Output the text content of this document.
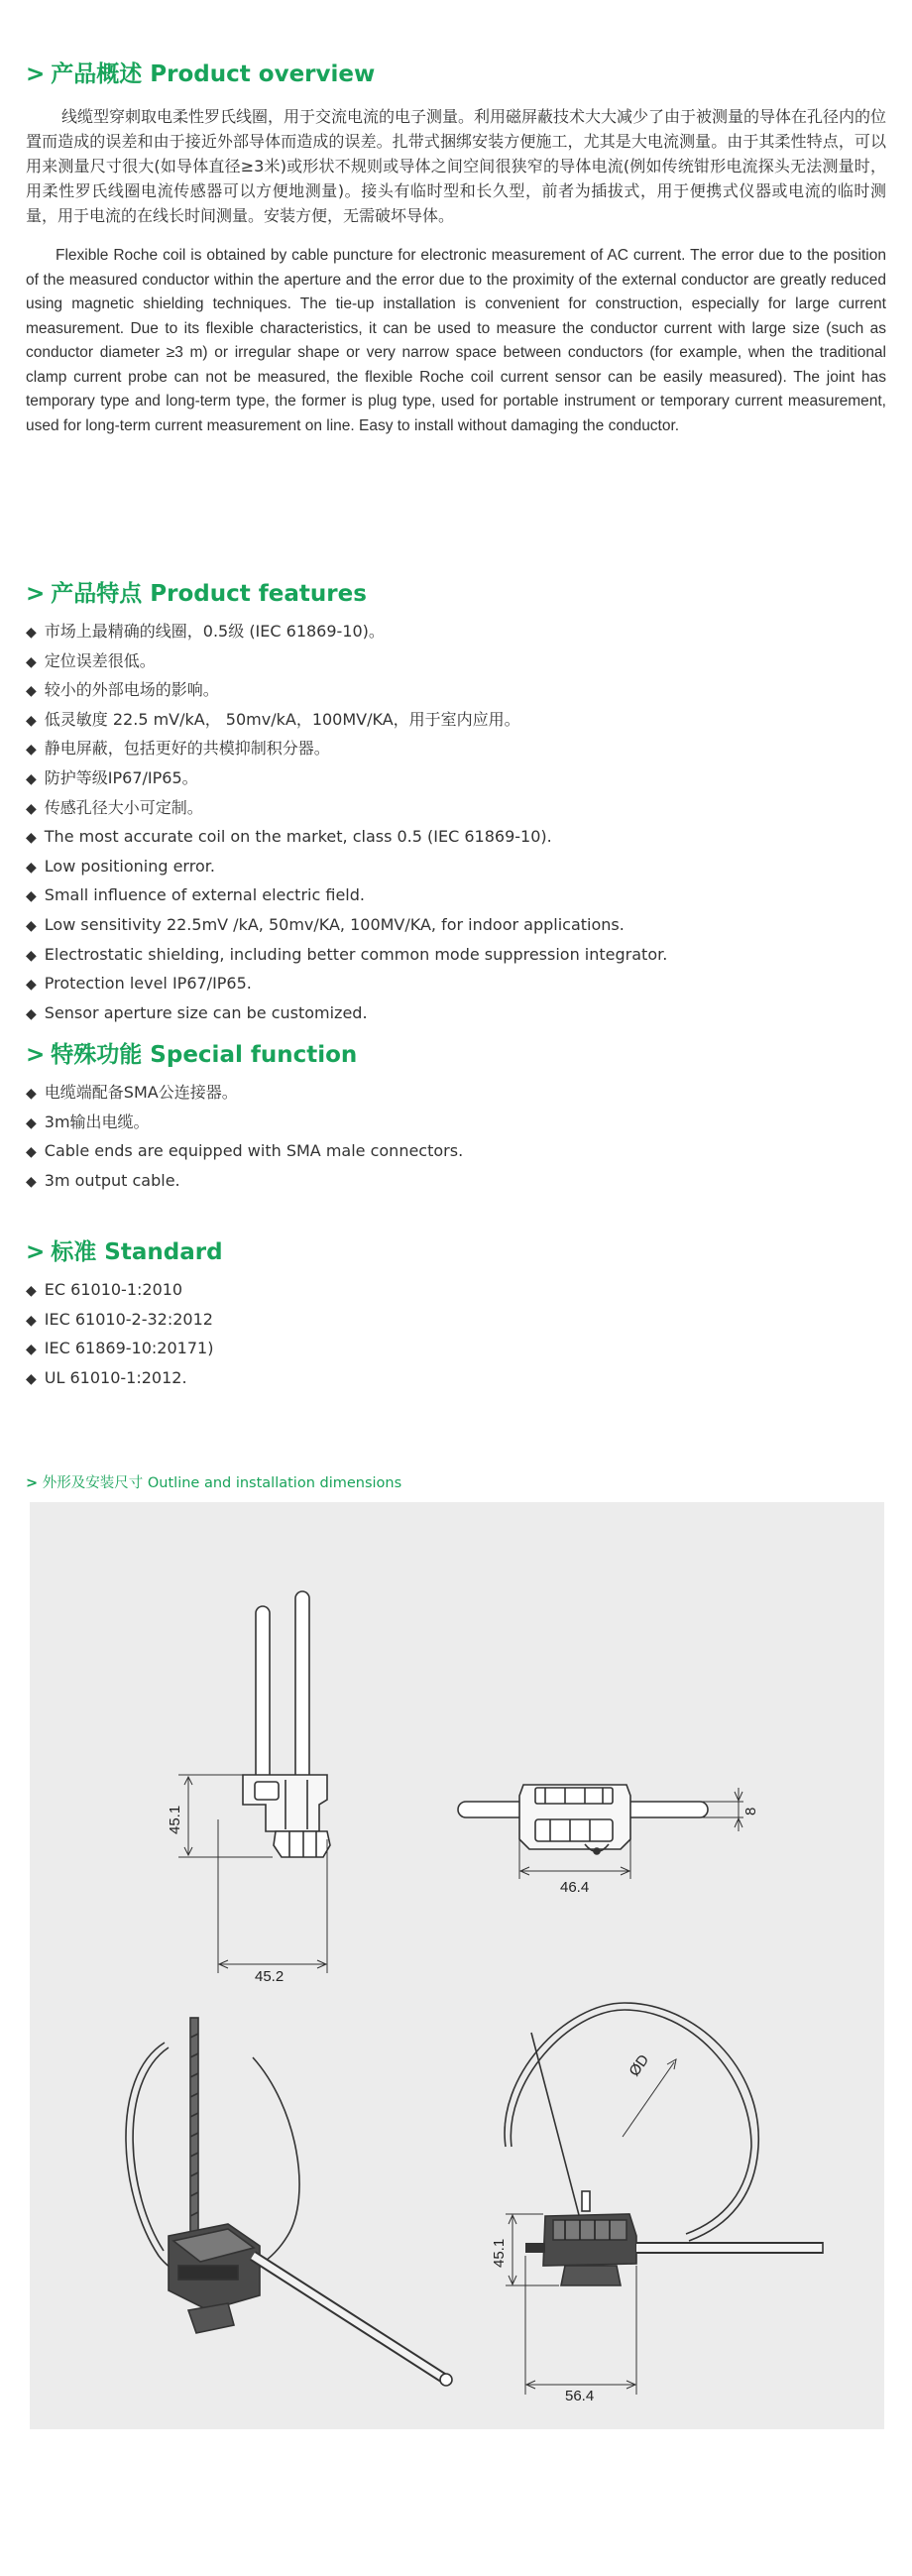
> 产品概述 Product overview

线缆型穿刺取电柔性罗氏线圈，用于交流电流的电子测量。利用磁屏蔽技术大大减少了由于被测量的导体在孔径内的位置而造成的误差和由于接近外部导体而造成的误差。扎带式捆绑安装方便施工，尤其是大电流测量。由于其柔性特点，可以用来测量尺寸很大(如导体直径≥3米)或形状不规则或导体之间空间很狭窄的导体电流(例如传统钳形电流探头无法测量时，用柔性罗氏线圈电流传感器可以方便地测量)。接头有临时型和长久型，前者为插拔式，用于便携式仪器或电流的临时测量，用于电流的在线长时间测量。安装方便，无需破坏导体。

Flexible Roche coil is obtained by cable puncture for electronic measurement of AC current. The error due to the position of the measured conductor within the aperture and the error due to the proximity of the external conductor are greatly reduced using magnetic shielding techniques. The tie-up installation is convenient for construction, especially for large current measurement. Due to its flexible characteristics, it can be used to measure the conductor current with large size (such as conductor diameter ≥3 m) or irregular shape or very narrow space between conductors (for example, when the traditional clamp current probe can not be measured, the flexible Roche coil current sensor can be easily measured). The joint has temporary type and long-term type, the former is plug type, used for portable instrument or temporary current measurement, used for long-term current measurement on line. Easy to install without damaging the conductor.

> 产品特点 Product features
◆ 市场上最精确的线圈，0.5级 (IEC 61869-10)。
◆ 定位误差很低。
◆ 较小的外部电场的影响。
◆ 低灵敏度 22.5 mV/kA， 50mv/kA，100MV/KA，用于室内应用。
◆ 静电屏蔽，包括更好的共模抑制积分器。
◆ 防护等级IP67/IP65。
◆ 传感孔径大小可定制。
◆ The most accurate coil on the market, class 0.5 (IEC 61869-10).
◆ Low positioning error.
◆ Small influence of external electric field.
◆ Low sensitivity 22.5mV /kA, 50mv/KA, 100MV/KA, for indoor applications.
◆ Electrostatic shielding, including better common mode suppression integrator.
◆ Protection level IP67/IP65.
◆ Sensor aperture size can be customized.
> 特殊功能 Special function
◆ 电缆端配备SMA公连接器。
◆ 3m输出电缆。
◆ Cable ends are equipped with SMA male connectors.
◆ 3m output cable.
> 标准 Standard
◆ EC 61010-1:2010
◆ IEC 61010-2-32:2012
◆ IEC 61869-10:20171)
◆ UL 61010-1:2012.
> 外形及安装尺寸 Outline and installation dimensions
45.1
45.2
8
46.4
ØD
45.1
56.4
